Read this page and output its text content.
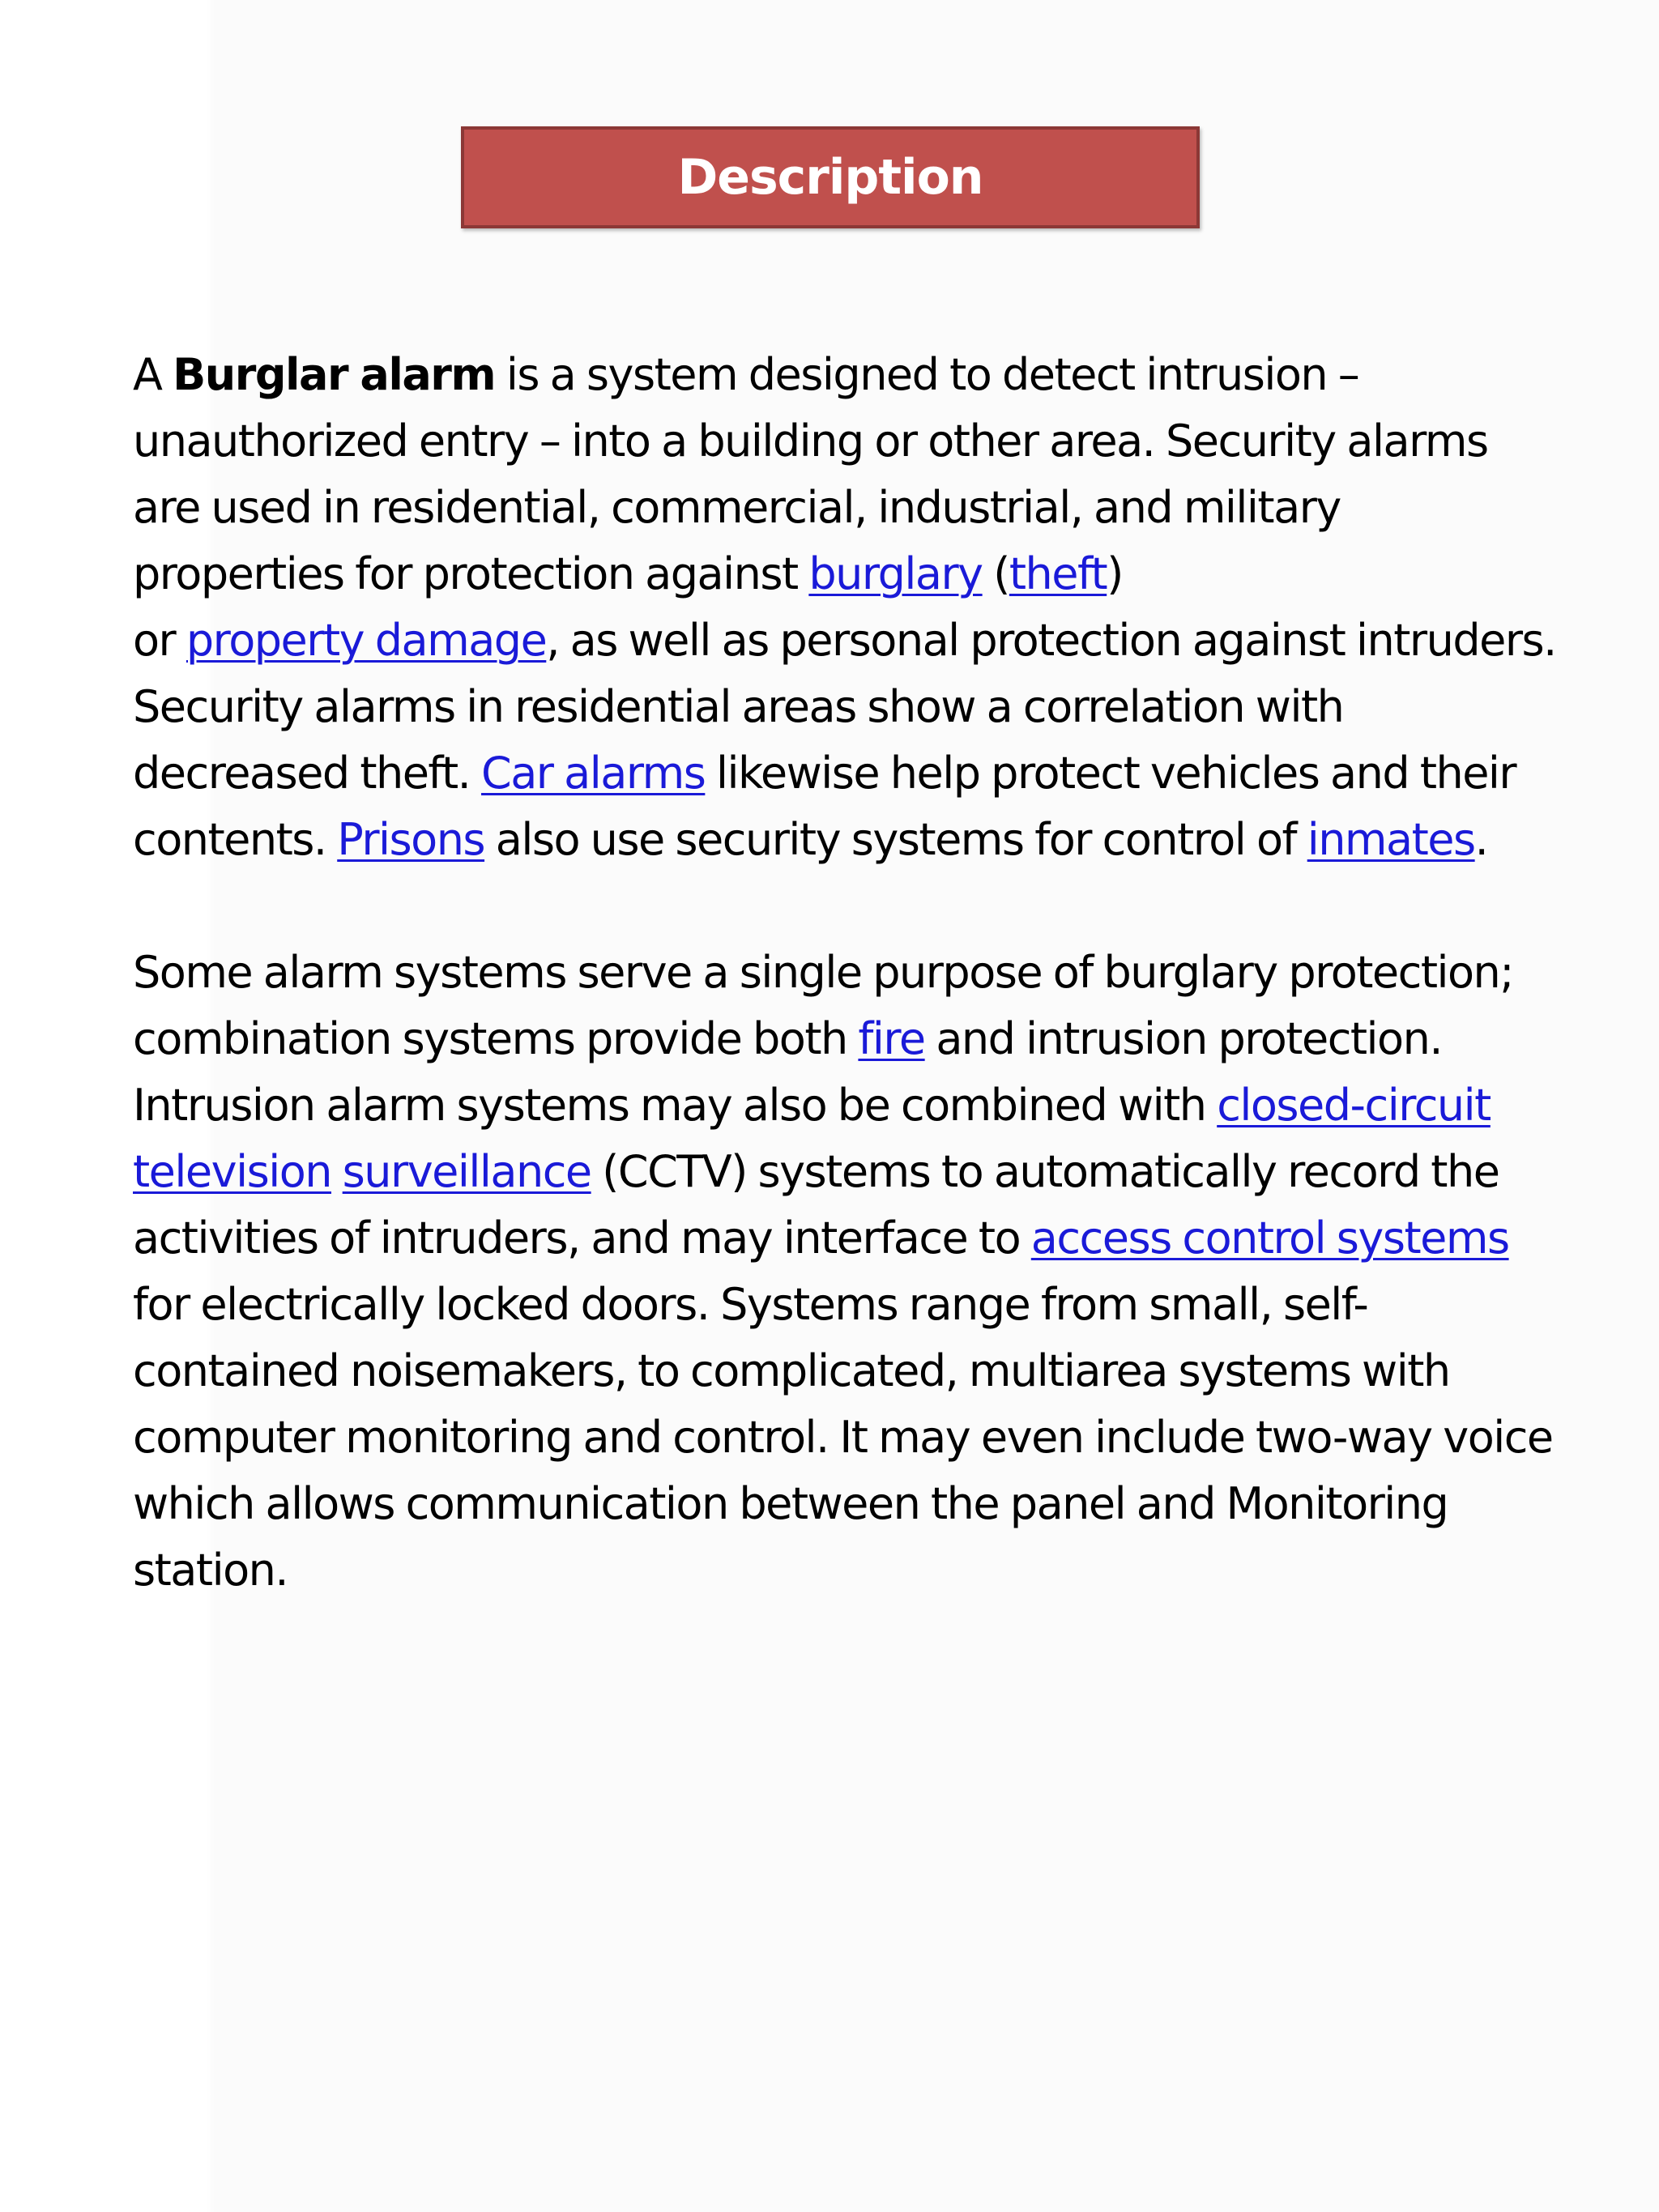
Description

A Burglar alarm is a system designed to detect intrusion – unauthorized entry – into a building or other area. Security alarms are used in residential, commercial, industrial, and military properties for protection against burglary (theft)
or property damage, as well as personal protection against intruders. Security alarms in residential areas show a correlation with decreased theft. Car alarms likewise help protect vehicles and their contents. Prisons also use security systems for control of inmates.

Some alarm systems serve a single purpose of burglary protection; combination systems provide both fire and intrusion protection. Intrusion alarm systems may also be combined with closed-circuit television surveillance (CCTV) systems to automatically record the activities of intruders, and may interface to access control systems for electrically locked doors. Systems range from small, self-contained noisemakers, to complicated, multiarea systems with computer monitoring and control. It may even include two-way voice which allows communication between the panel and Monitoring station.
